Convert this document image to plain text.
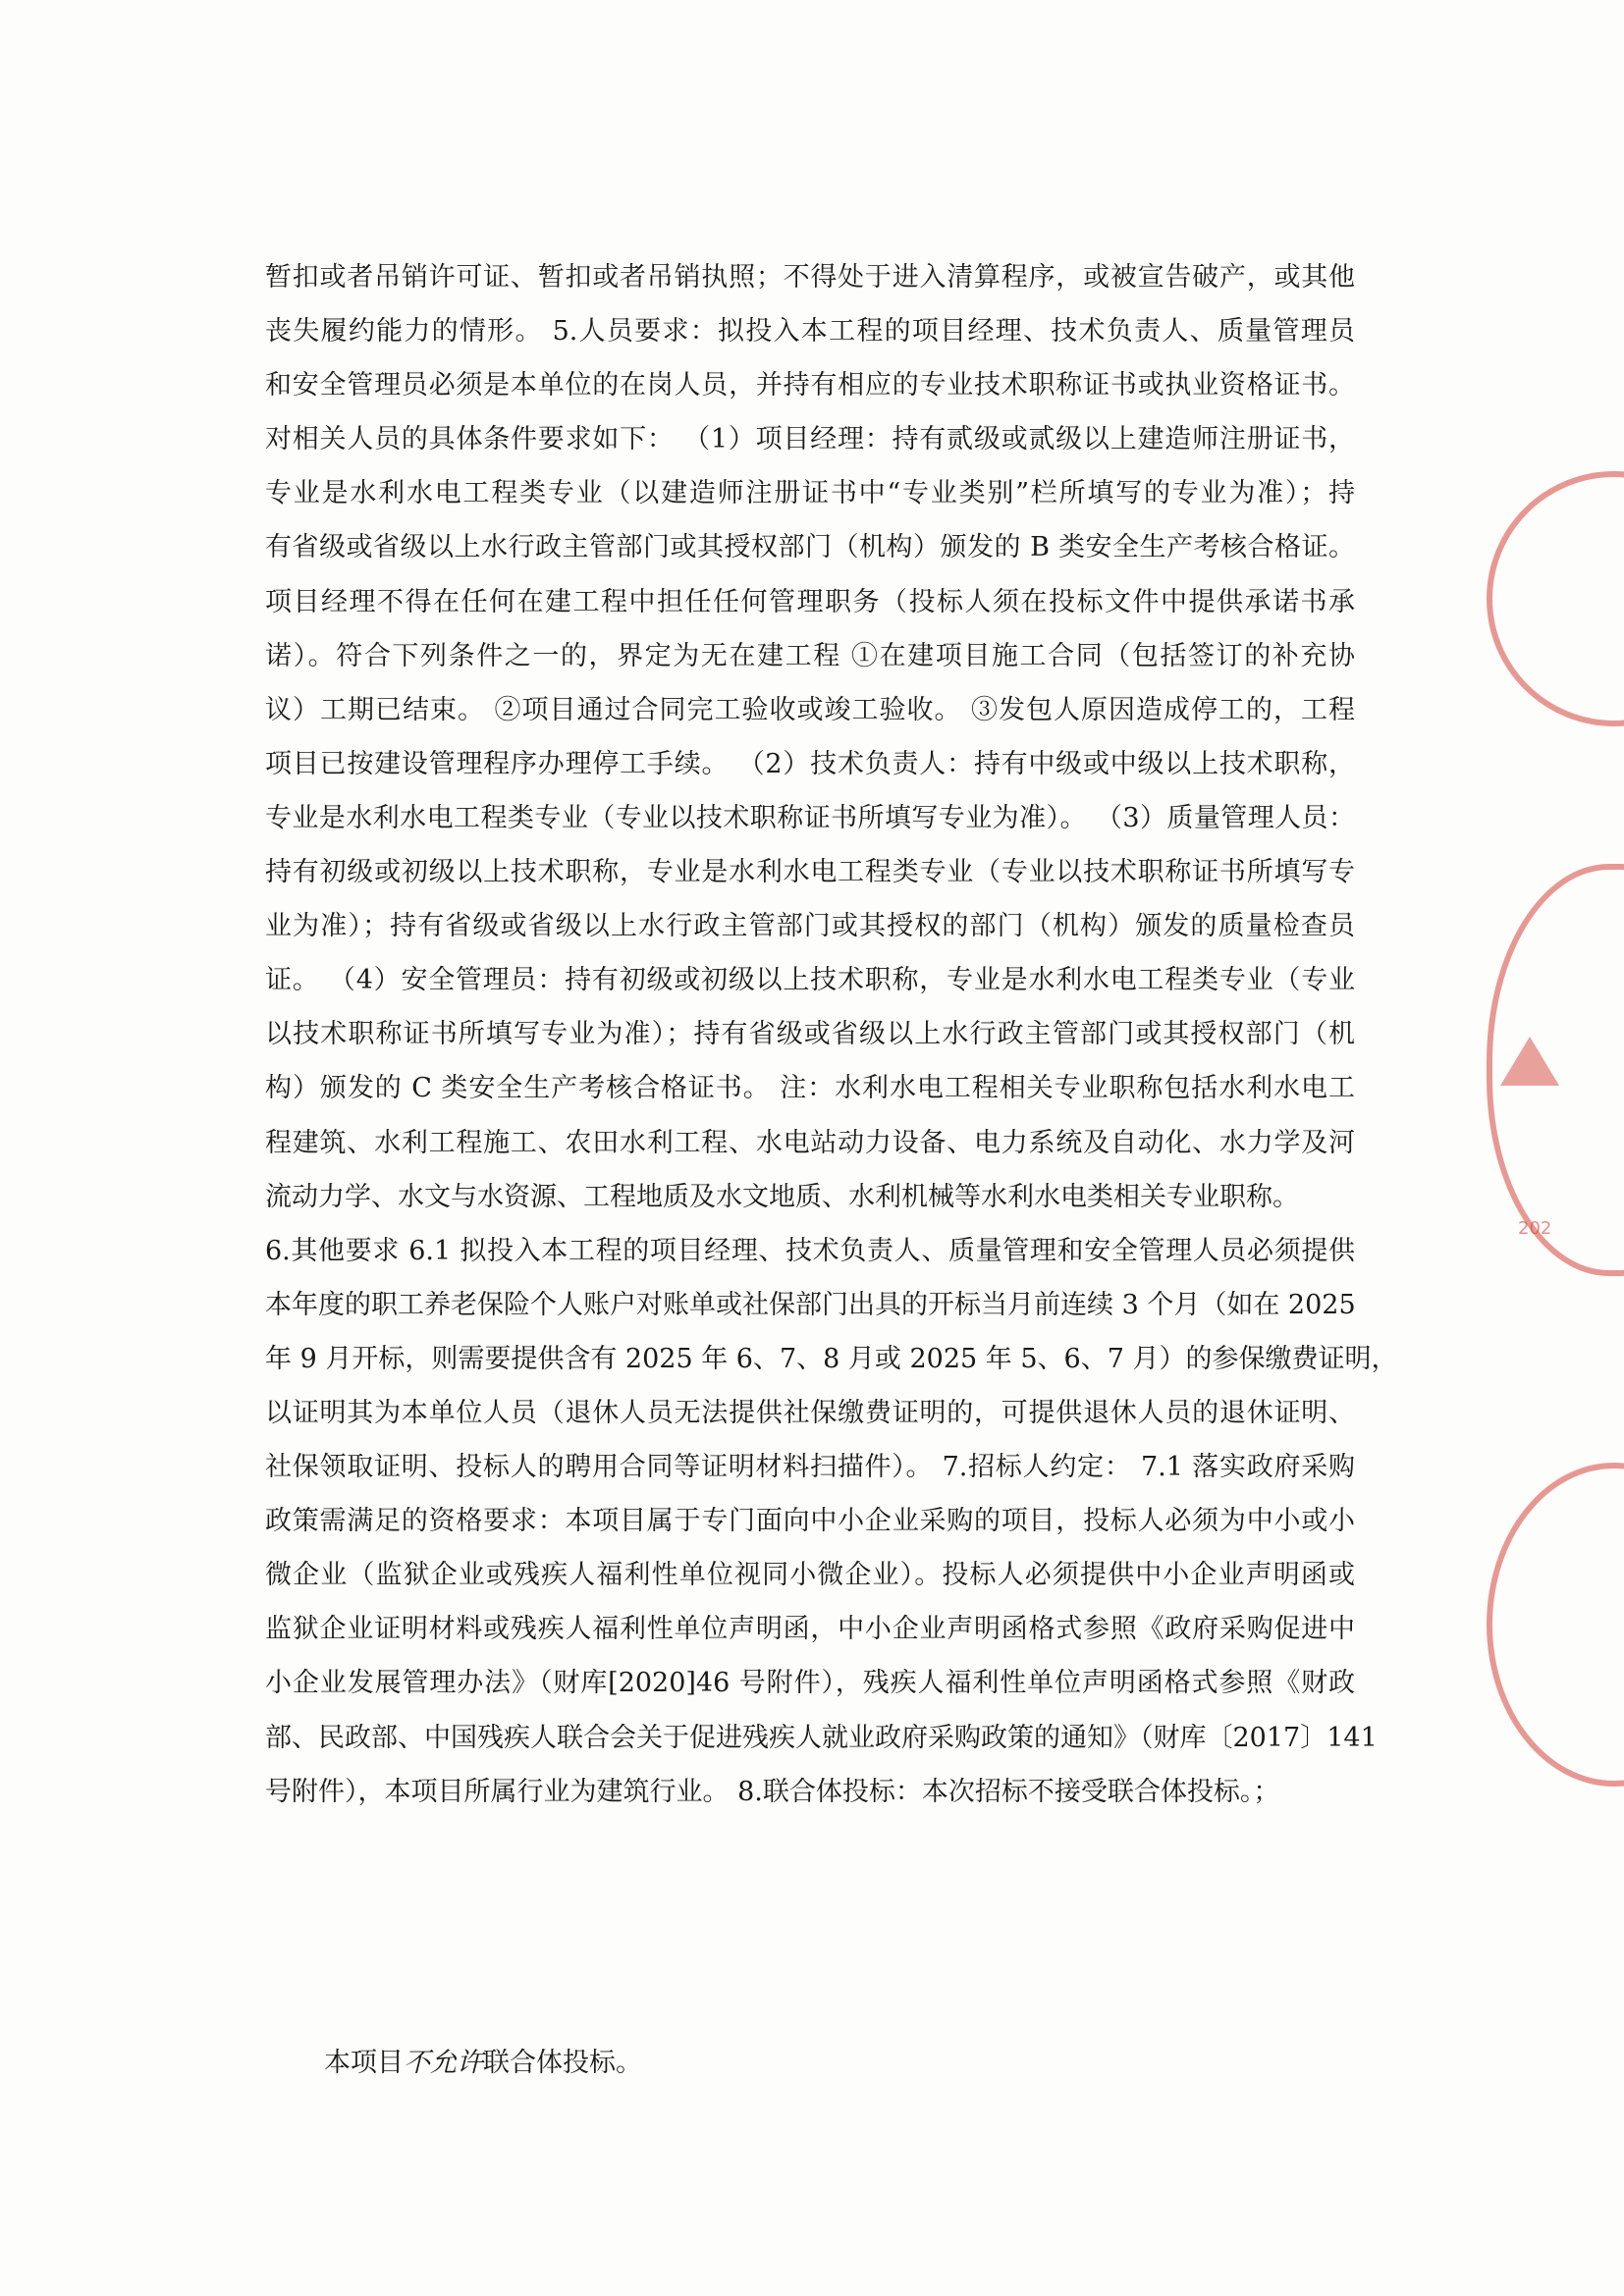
暂扣或者吊销许可证、暂扣或者吊销执照；不得处于进入清算程序，或被宣告破产，或其他
丧失履约能力的情形。 5.人员要求：拟投入本工程的项目经理、技术负责人、质量管理员
和安全管理员必须是本单位的在岗人员，并持有相应的专业技术职称证书或执业资格证书。
对相关人员的具体条件要求如下： （1）项目经理：持有贰级或贰级以上建造师注册证书，
专业是水利水电工程类专业（以建造师注册证书中“专业类别”栏所填写的专业为准）；持
有省级或省级以上水行政主管部门或其授权部门（机构）颁发的 B 类安全生产考核合格证。
项目经理不得在任何在建工程中担任任何管理职务（投标人须在投标文件中提供承诺书承
诺）。符合下列条件之一的，界定为无在建工程 ①在建项目施工合同（包括签订的补充协
议）工期已结束。 ②项目通过合同完工验收或竣工验收。 ③发包人原因造成停工的，工程
项目已按建设管理程序办理停工手续。 （2）技术负责人：持有中级或中级以上技术职称，
专业是水利水电工程类专业（专业以技术职称证书所填写专业为准）。 （3）质量管理人员：
持有初级或初级以上技术职称，专业是水利水电工程类专业（专业以技术职称证书所填写专
业为准）；持有省级或省级以上水行政主管部门或其授权的部门（机构）颁发的质量检查员
证。 （4）安全管理员：持有初级或初级以上技术职称，专业是水利水电工程类专业（专业
以技术职称证书所填写专业为准）；持有省级或省级以上水行政主管部门或其授权部门（机
构）颁发的 C 类安全生产考核合格证书。 注：水利水电工程相关专业职称包括水利水电工
程建筑、水利工程施工、农田水利工程、水电站动力设备、电力系统及自动化、水力学及河
流动力学、水文与水资源、工程地质及水文地质、水利机械等水利水电类相关专业职称。
6.其他要求 6.1 拟投入本工程的项目经理、技术负责人、质量管理和安全管理人员必须提供
本年度的职工养老保险个人账户对账单或社保部门出具的开标当月前连续 3 个月（如在 2025
年 9 月开标，则需要提供含有 2025 年 6、7、8 月或 2025 年 5、6、7 月）的参保缴费证明，
以证明其为本单位人员（退休人员无法提供社保缴费证明的，可提供退休人员的退休证明、
社保领取证明、投标人的聘用合同等证明材料扫描件）。 7.招标人约定： 7.1 落实政府采购
政策需满足的资格要求：本项目属于专门面向中小企业采购的项目，投标人必须为中小或小
微企业（监狱企业或残疾人福利性单位视同小微企业）。投标人必须提供中小企业声明函或
监狱企业证明材料或残疾人福利性单位声明函，中小企业声明函格式参照《政府采购促进中
小企业发展管理办法》（财库[2020]46 号附件），残疾人福利性单位声明函格式参照《财政
部、民政部、中国残疾人联合会关于促进残疾人就业政府采购政策的通知》（财库〔2017〕141
号附件），本项目所属行业为建筑行业。 8.联合体投标：本次招标不接受联合体投标。；
本项目不允许联合体投标。
202
